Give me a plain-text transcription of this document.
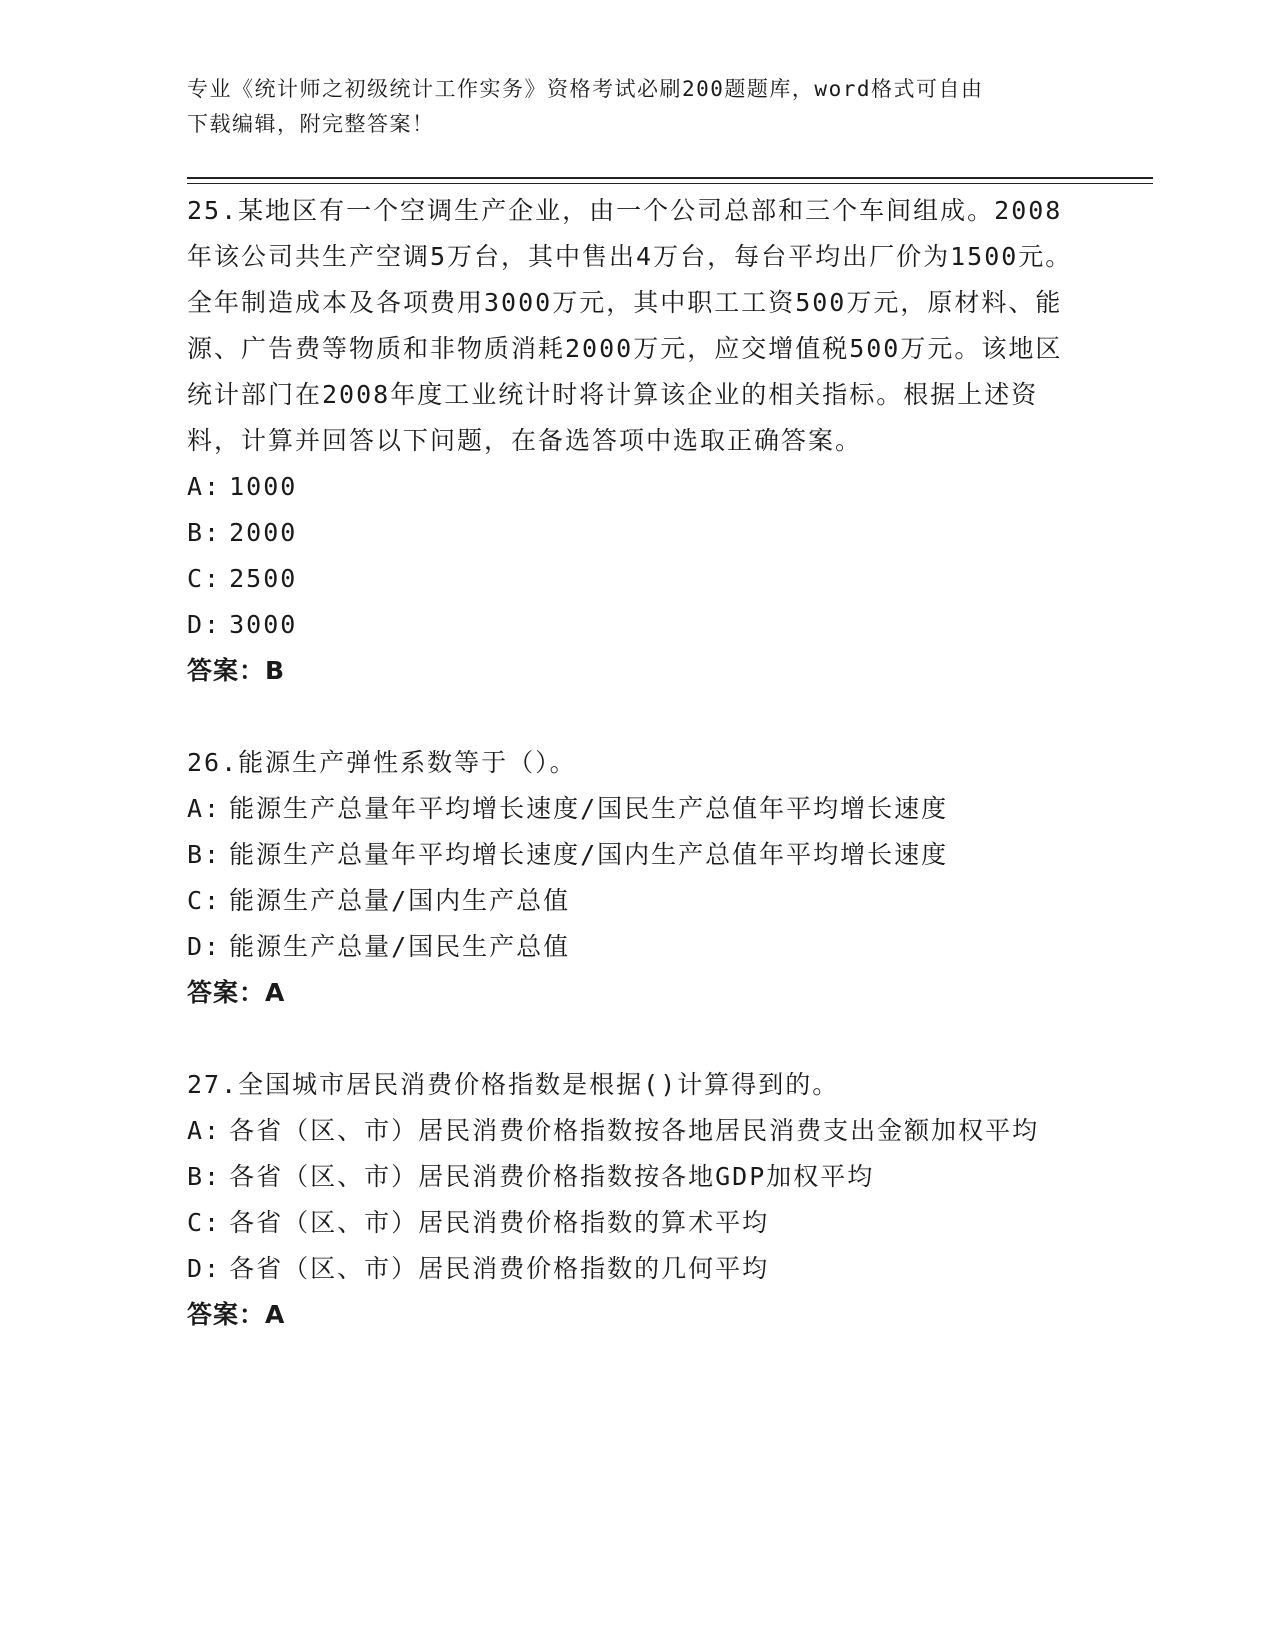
专业《统计师之初级统计工作实务》资格考试必刷200题题库，word格式可自由
下载编辑，附完整答案！
25.某地区有一个空调生产企业，由一个公司总部和三个车间组成。2008年该公司共生产空调5万台，其中售出4万台，每台平均出厂价为1500元。全年制造成本及各项费用3000万元，其中职工工资500万元，原材料、能源、广告费等物质和非物质消耗2000万元，应交增值税500万元。该地区统计部门在2008年度工业统计时将计算该企业的相关指标。根据上述资料，计算并回答以下问题，在备选答项中选取正确答案。
A: 1000
B: 2000
C: 2500
D: 3000
答案：B
26.能源生产弹性系数等于（）。
A: 能源生产总量年平均增长速度/国民生产总值年平均增长速度
B: 能源生产总量年平均增长速度/国内生产总值年平均增长速度
C: 能源生产总量/国内生产总值
D: 能源生产总量/国民生产总值
答案：A
27.全国城市居民消费价格指数是根据()计算得到的。
A: 各省（区、市）居民消费价格指数按各地居民消费支出金额加权平均
B: 各省（区、市）居民消费价格指数按各地GDP加权平均
C: 各省（区、市）居民消费价格指数的算术平均
D: 各省（区、市）居民消费价格指数的几何平均
答案：A
